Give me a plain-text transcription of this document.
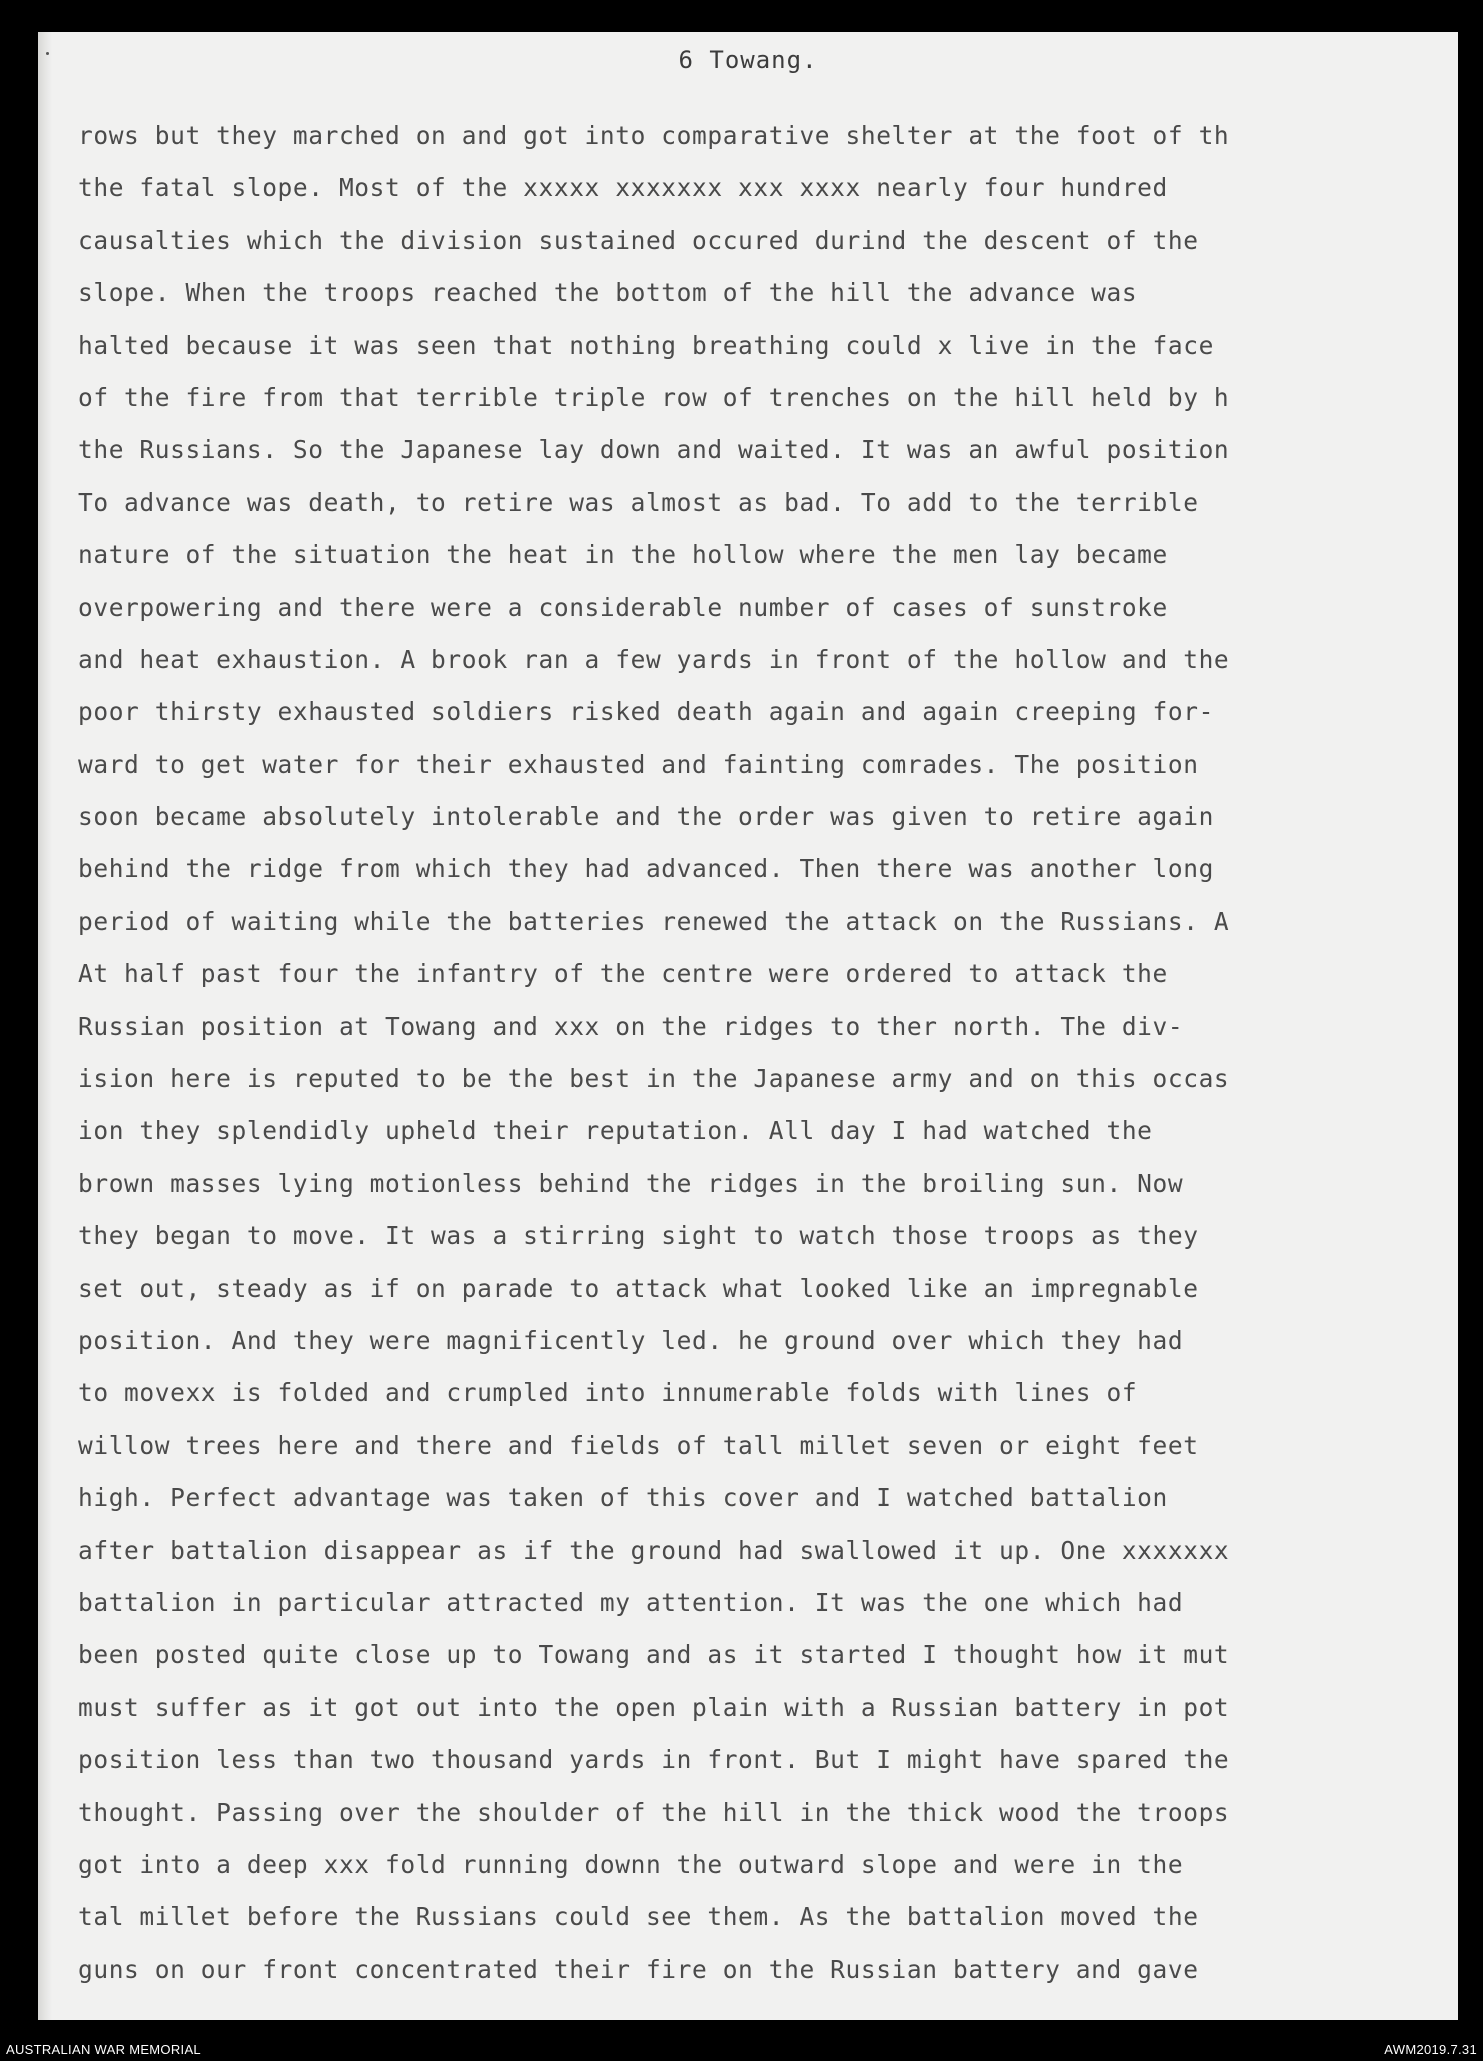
6 Towang.
rows but they marched on and got into comparative shelter at the foot of th
the fatal slope. Most of the xxxxx xxxxxxx xxx xxxx nearly four hundred
causalties which the division sustained occured durind the descent of the
slope. When the troops reached the bottom of the hill the advance was
halted because it was seen that nothing breathing could x live in the face
of the fire from that terrible triple row of trenches on the hill held by h
the Russians. So the Japanese lay down and waited. It was an awful position
To advance was death, to retire was almost as bad. To add to the terrible
nature of the situation the heat in the hollow where the men lay became
overpowering and there were a considerable number of cases of sunstroke
and heat exhaustion. A brook ran a few yards in front of the hollow and the
poor thirsty exhausted soldiers risked death again and again creeping for-
ward to get water for their exhausted and fainting comrades. The position
soon became absolutely intolerable and the order was given to retire again
behind the ridge from which they had advanced. Then there was another long
period of waiting while the batteries renewed the attack on the Russians. A
At half past four the infantry of the centre were ordered to attack the
Russian position at Towang and xxx on the ridges to ther north. The div-
ision here is reputed to be the best in the Japanese army and on this occas
ion they splendidly upheld their reputation. All day I had watched the
brown masses lying motionless behind the ridges in the broiling sun. Now
they began to move. It was a stirring sight to watch those troops as they
set out, steady as if on parade to attack what looked like an impregnable
position. And they were magnificently led. he ground over which they had
to movexx is folded and crumpled into innumerable folds with lines of
willow trees here and there and fields of tall millet seven or eight feet
high. Perfect advantage was taken of this cover and I watched battalion
after battalion disappear as if the ground had swallowed it up. One xxxxxxx
battalion in particular attracted my attention. It was the one which had
been posted quite close up to Towang and as it started I thought how it mut
must suffer as it got out into the open plain with a Russian battery in pot
position less than two thousand yards in front. But I might have spared the
thought. Passing over the shoulder of the hill in the thick wood the troops
got into a deep xxx fold running downn the outward slope and were in the
tal millet before the Russians could see them. As the battalion moved the
guns on our front concentrated their fire on the Russian battery and gave
AUSTRALIAN WAR MEMORIAL	AWM2019.7.31
